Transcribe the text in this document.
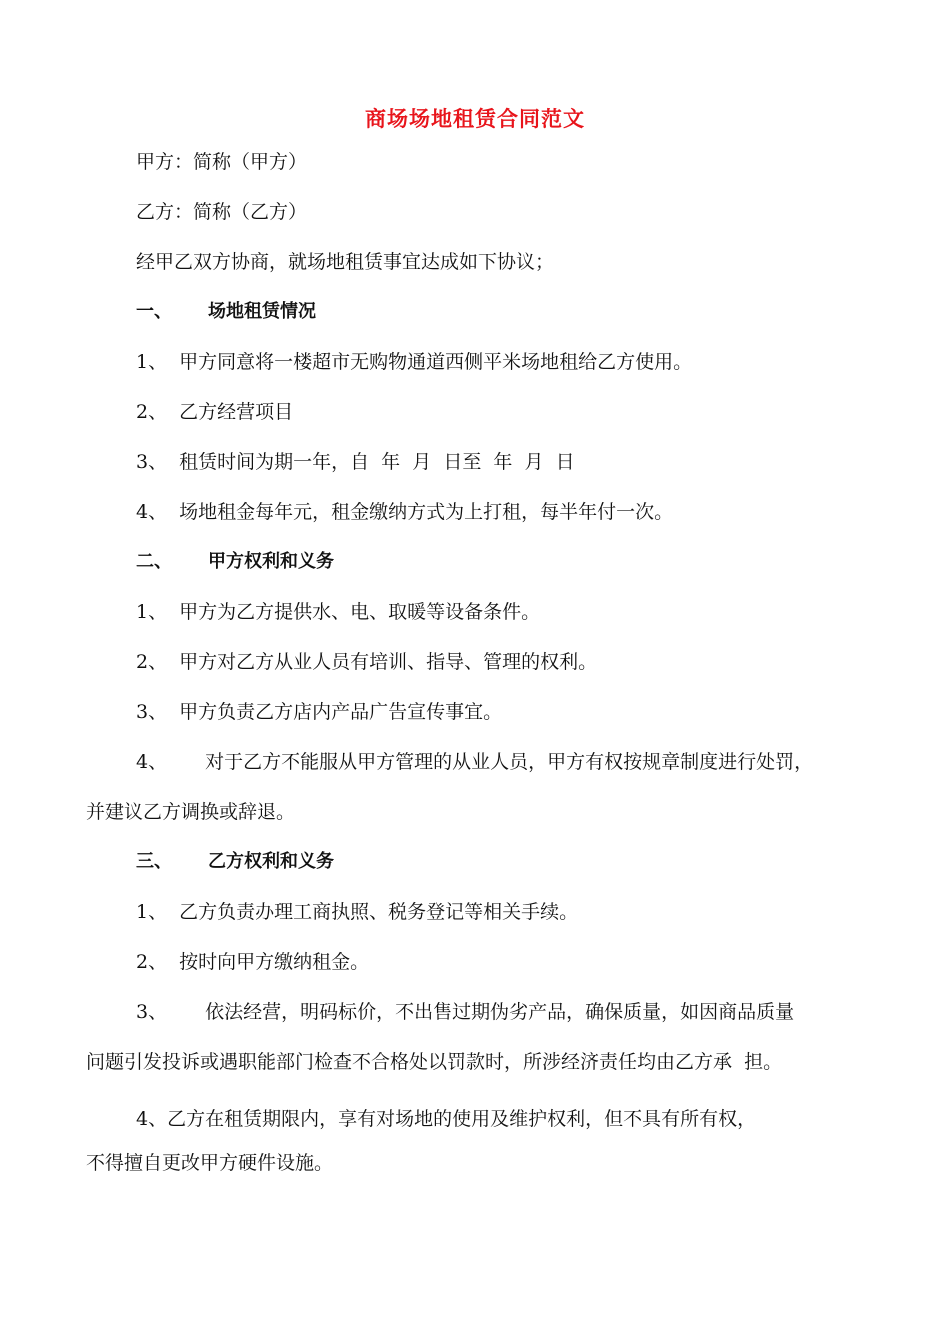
商场场地租赁合同范文
甲方：简称（甲方）
乙方：简称（乙方）
经甲乙双方协商，就场地租赁事宜达成如下协议；
一、 场地租赁情况
1、 甲方同意将一楼超市无购物通道西侧平米场地租给乙方使用。
2、 乙方经营项目
3、 租赁时间为期一年，自  年  月  日至  年  月  日
4、 场地租金每年元，租金缴纳方式为上打租，每半年付一次。
二、 甲方权利和义务
1、 甲方为乙方提供水、电、取暖等设备条件。
2、 甲方对乙方从业人员有培训、指导、管理的权利。
3、 甲方负责乙方店内产品广告宣传事宜。
4、 对于乙方不能服从甲方管理的从业人员，甲方有权按规章制度进行处罚，
并建议乙方调换或辞退。
三、 乙方权利和义务
1、 乙方负责办理工商执照、税务登记等相关手续。
2、 按时向甲方缴纳租金。
3、 依法经营，明码标价，不出售过期伪劣产品，确保质量，如因商品质量
问题引发投诉或遇职能部门检查不合格处以罚款时，所涉经济责任均由乙方承  担。
4、乙方在租赁期限内，享有对场地的使用及维护权利，但不具有所有权，
不得擅自更改甲方硬件设施。
